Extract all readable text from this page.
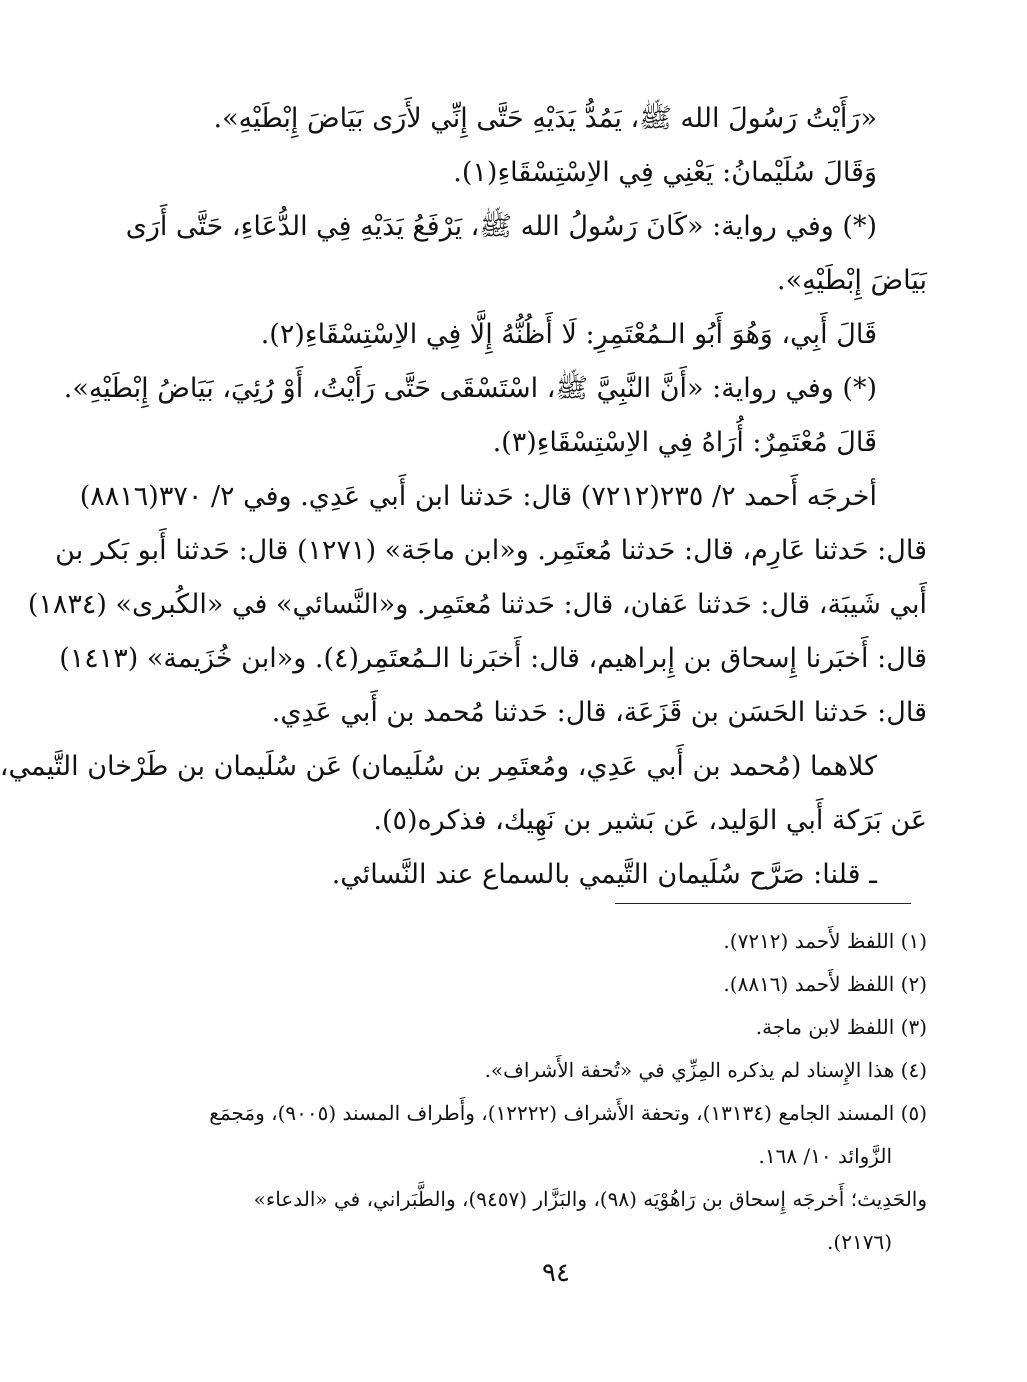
«رَأَيْتُ رَسُولَ الله ﷺ، يَمُدُّ يَدَيْهِ حَتَّى إِنِّي لأَرَى بَيَاضَ إِبْطَيْهِ».
وَقَالَ سُلَيْمانُ: يَعْنِي فِي الاِسْتِسْقَاءِ(١).
(*) وفي رواية: «كَانَ رَسُولُ الله ﷺ، يَرْفَعُ يَدَيْهِ فِي الدُّعَاءِ، حَتَّى أَرَى
بَيَاضَ إِبْطَيْهِ».
قَالَ أَبِي، وَهُوَ أَبُو الـمُعْتَمِرِ: لَا أَظُنُّهُ إِلَّا فِي الاِسْتِسْقَاءِ(٢).
(*) وفي رواية: «أَنَّ النَّبِيَّ ﷺ، اسْتَسْقَى حَتَّى رَأَيْتُ، أَوْ رُئِيَ، بَيَاضُ إِبْطَيْهِ».
قَالَ مُعْتَمِرٌ: أُرَاهُ فِي الاِسْتِسْقَاءِ(٣).
أخرجَه أَحمد ٢/ ٢٣٥(٧٢١٢) قال: حَدثنا ابن أَبي عَدِي. وفي ٢/ ٣٧٠(٨٨١٦)
قال: حَدثنا عَارِم، قال: حَدثنا مُعتَمِر. و«ابن ماجَة» (١٢٧١) قال: حَدثنا أَبو بَكر بن
أَبي شَيبَة، قال: حَدثنا عَفان، قال: حَدثنا مُعتَمِر. و«النَّسائي» في «الكُبرى» (١٨٣٤)
قال: أَخبَرنا إِسحاق بن إِبراهيم، قال: أَخبَرنا الـمُعتَمِر(٤). و«ابن خُزَيمة» (١٤١٣)
قال: حَدثنا الحَسَن بن قَزَعَة، قال: حَدثنا مُحمد بن أَبي عَدِي.
كلاهما (مُحمد بن أَبي عَدِي، ومُعتَمِر بن سُلَيمان) عَن سُلَيمان بن طَرْخان التَّيمي،
عَن بَرَكة أَبي الوَليد، عَن بَشير بن نَهِيك، فذكره(٥).
ـ قلنا: صَرَّح سُلَيمان التَّيمي بالسماع عند النَّسائي.
(١) اللفظ لأَحمد (٧٢١٢).
(٢) اللفظ لأَحمد (٨٨١٦).
(٣) اللفظ لابن ماجة.
(٤) هذا الإِسناد لم يذكره المِزِّي في «تُحفة الأَشراف».
(٥) المسند الجامع (١٣١٣٤)، وتحفة الأَشراف (١٢٢٢٢)، وأَطراف المسند (٩٠٠٥)، ومَجمَع
الزَّوائد ١٠/ ١٦٨.
والحَدِيث؛ أَخرجَه إِسحاق بن رَاهُوْيَه (٩٨)، والبَزَّار (٩٤٥٧)، والطَّبَراني، في «الدعاء»
(٢١٧٦).
٩٤
